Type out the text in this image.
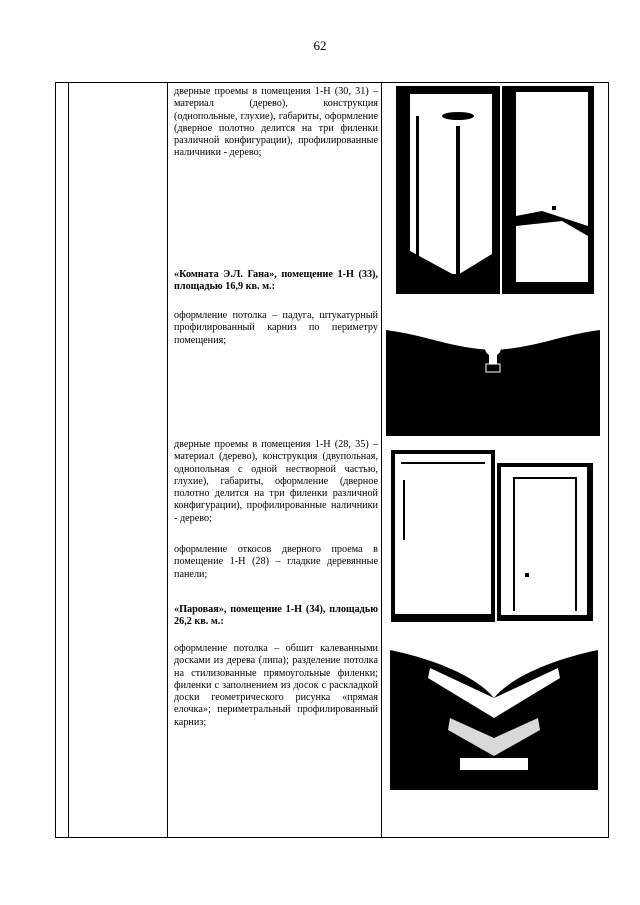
62
дверные проемы в помещения 1-Н (30, 31) – материал (дерево), конструкция (однопольные, глухие), габариты, оформление (дверное полотно делится на три филенки различной конфигурации), профилированные наличники - дерево;
«Комната Э.Л. Гана», помещение 1-Н (33), площадью 16,9 кв. м.:
оформление потолка – падуга, штукатурный профилированный карниз по периметру помещения;
дверные проемы в помещения 1-Н (28, 35) – материал (дерево), конструкция (двупольная, однопольная с одной нестворной частью, глухие), габариты, оформление (дверное полотно делится на три филенки различной конфигурации), профилированные наличники - дерево;
оформление откосов дверного проема в помещение 1-Н (28) – гладкие деревянные панели;
«Паровая», помещение 1-Н (34), площадью 26,2 кв. м.:
оформление потолка – обшит калеванными досками из дерева (липа); разделение потолка на стилизованные прямоугольные филенки; филенки с заполнением из досок с раскладкой доски геометрического рисунка «прямая елочка»; периметральный профилированный карниз;
